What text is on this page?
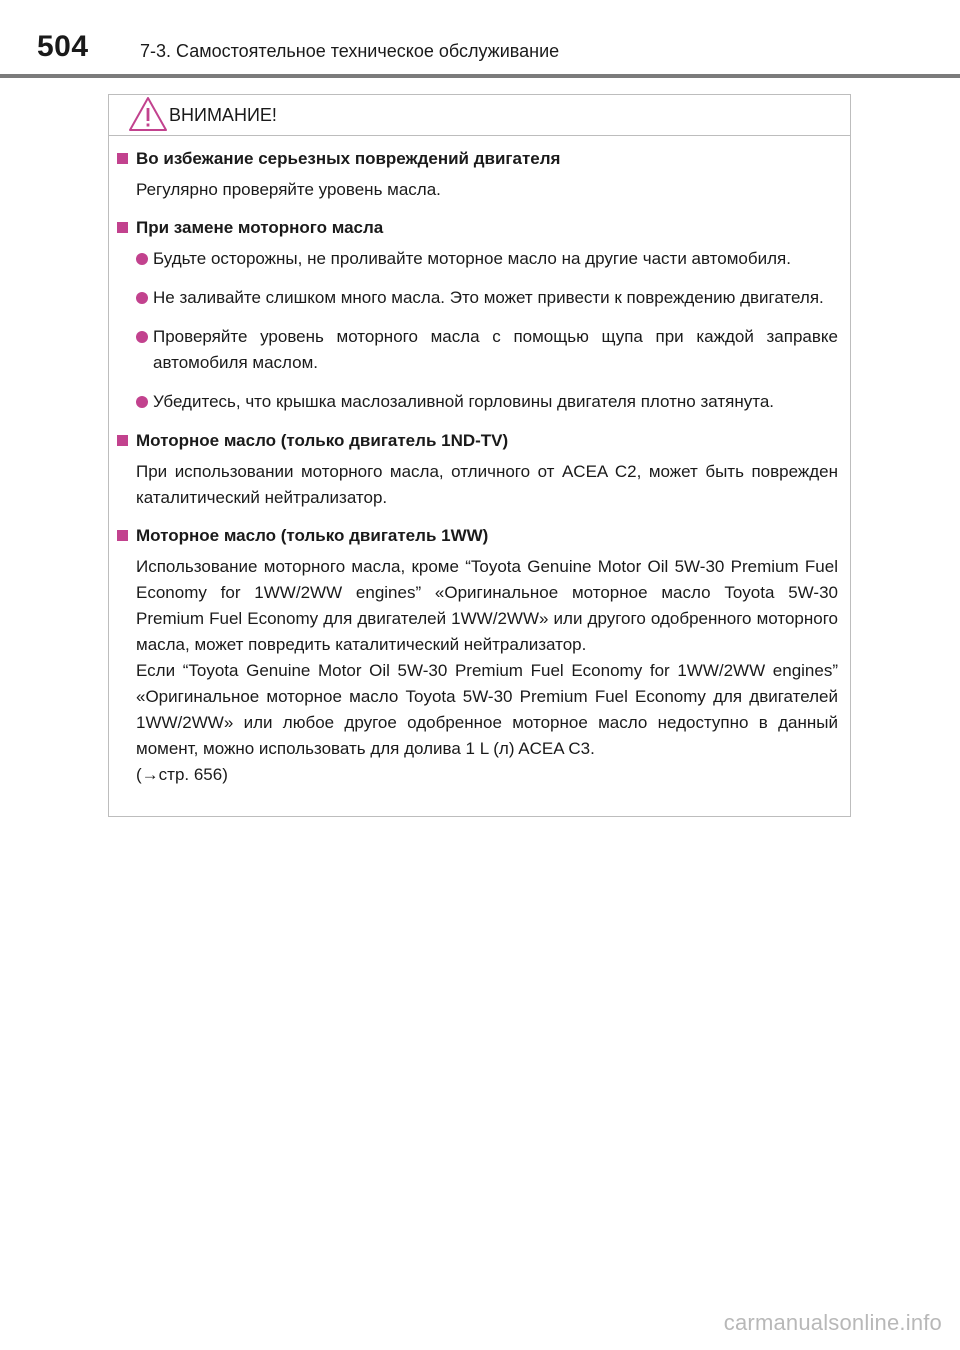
504	7-3. Самостоятельное техническое обслуживание
ВНИМАНИЕ!
Во избежание серьезных повреждений двигателя

Регулярно проверяйте уровень масла.

При замене моторного масла
Будьте осторожны, не проливайте моторное масло на другие части автомобиля.
Не заливайте слишком много масла. Это может привести к повреждению двигателя.
Проверяйте уровень моторного масла с помощью щупа при каждой заправке автомобиля маслом.
Убедитесь, что крышка маслозаливной горловины двигателя плотно затянута.
Моторное масло (только двигатель 1ND-TV)

При использовании моторного масла, отличного от ACEA C2, может быть поврежден каталитический нейтрализатор.

Моторное масло (только двигатель 1WW)

Использование моторного масла, кроме “Toyota Genuine Motor Oil 5W-30 Premium Fuel Economy for 1WW/2WW engines” «Оригинальное моторное масло Toyota 5W-30 Premium Fuel Economy для двигателей 1WW/2WW» или другого одобренного моторного масла, может повредить каталитический нейтрализатор.
Если “Toyota Genuine Motor Oil 5W-30 Premium Fuel Economy for 1WW/2WW engines” «Оригинальное моторное масло Toyota 5W-30 Premium Fuel Economy для двигателей 1WW/2WW» или любое другое одобренное моторное масло недоступно в данный момент, можно использовать для долива 1 L (л) ACEA C3.
(→стр. 656)

carmanualsonline.info
